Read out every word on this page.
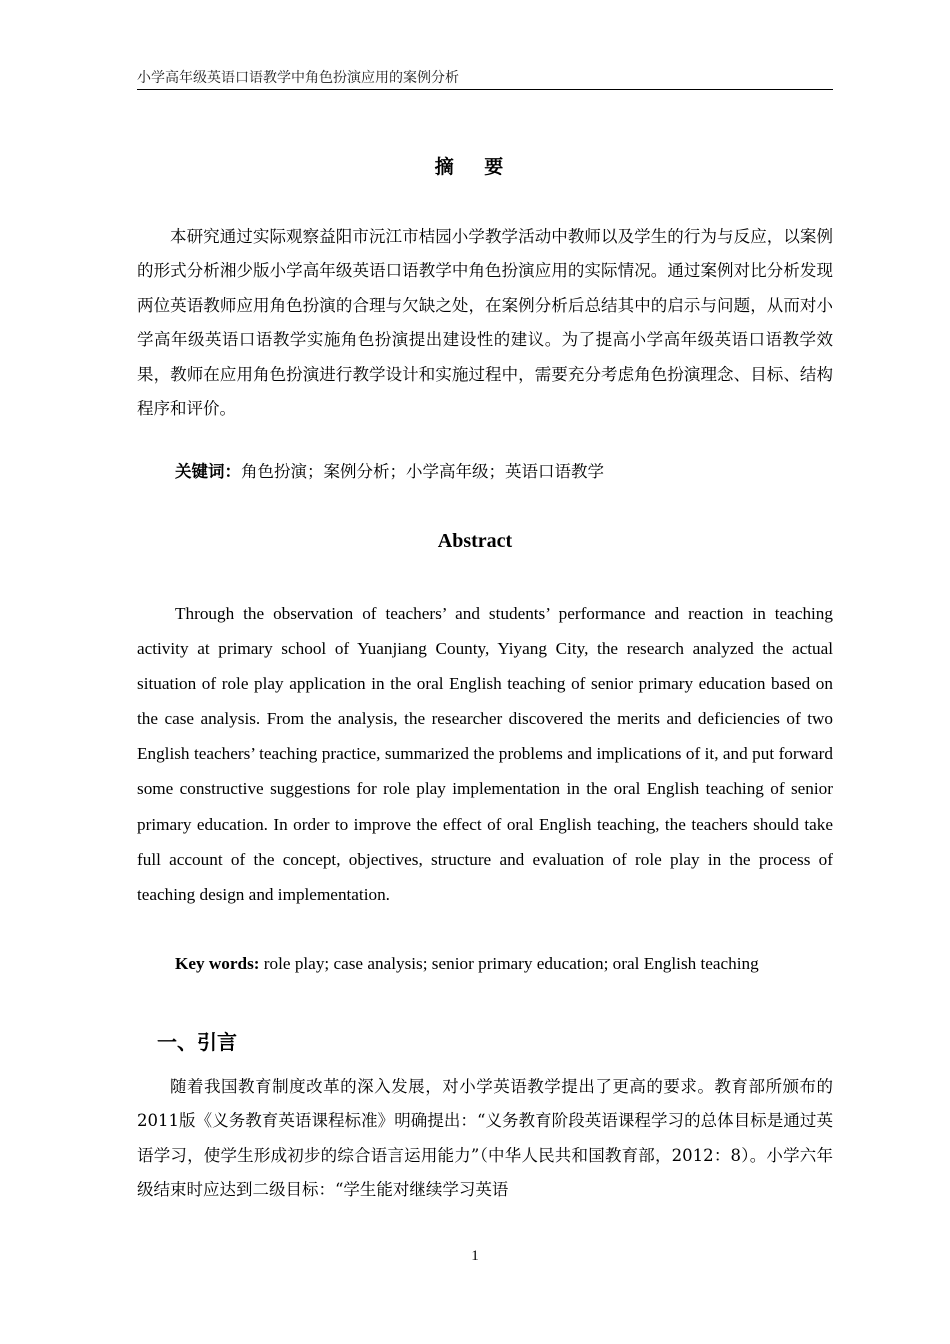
小学高年级英语口语教学中角色扮演应用的案例分析
摘 要
本研究通过实际观察益阳市沅江市桔园小学教学活动中教师以及学生的行为与反应，以案例的形式分析湘少版小学高年级英语口语教学中角色扮演应用的实际情况。通过案例对比分析发现两位英语教师应用角色扮演的合理与欠缺之处，在案例分析后总结其中的启示与问题，从而对小学高年级英语口语教学实施角色扮演提出建设性的建议。为了提高小学高年级英语口语教学效果，教师在应用角色扮演进行教学设计和实施过程中，需要充分考虑角色扮演理念、目标、结构程序和评价。
关键词：角色扮演；案例分析；小学高年级；英语口语教学
Abstract
Through the observation of teachers’ and students’ performance and reaction in teaching activity at primary school of Yuanjiang County, Yiyang City, the research analyzed the actual situation of role play application in the oral English teaching of senior primary education based on the case analysis. From the analysis, the researcher discovered the merits and deficiencies of two English teachers’ teaching practice, summarized the problems and implications of it, and put forward some constructive suggestions for role play implementation in the oral English teaching of senior primary education. In order to improve the effect of oral English teaching, the teachers should take full account of the concept, objectives, structure and evaluation of role play in the process of teaching design and implementation.
Key words: role play; case analysis; senior primary education; oral English teaching
一、引言
随着我国教育制度改革的深入发展，对小学英语教学提出了更高的要求。教育部所颁布的2011版《义务教育英语课程标准》明确提出：“义务教育阶段英语课程学习的总体目标是通过英语学习，使学生形成初步的综合语言运用能力”（中华人民共和国教育部，2012：8）。小学六年级结束时应达到二级目标：“学生能对继续学习英语
1
